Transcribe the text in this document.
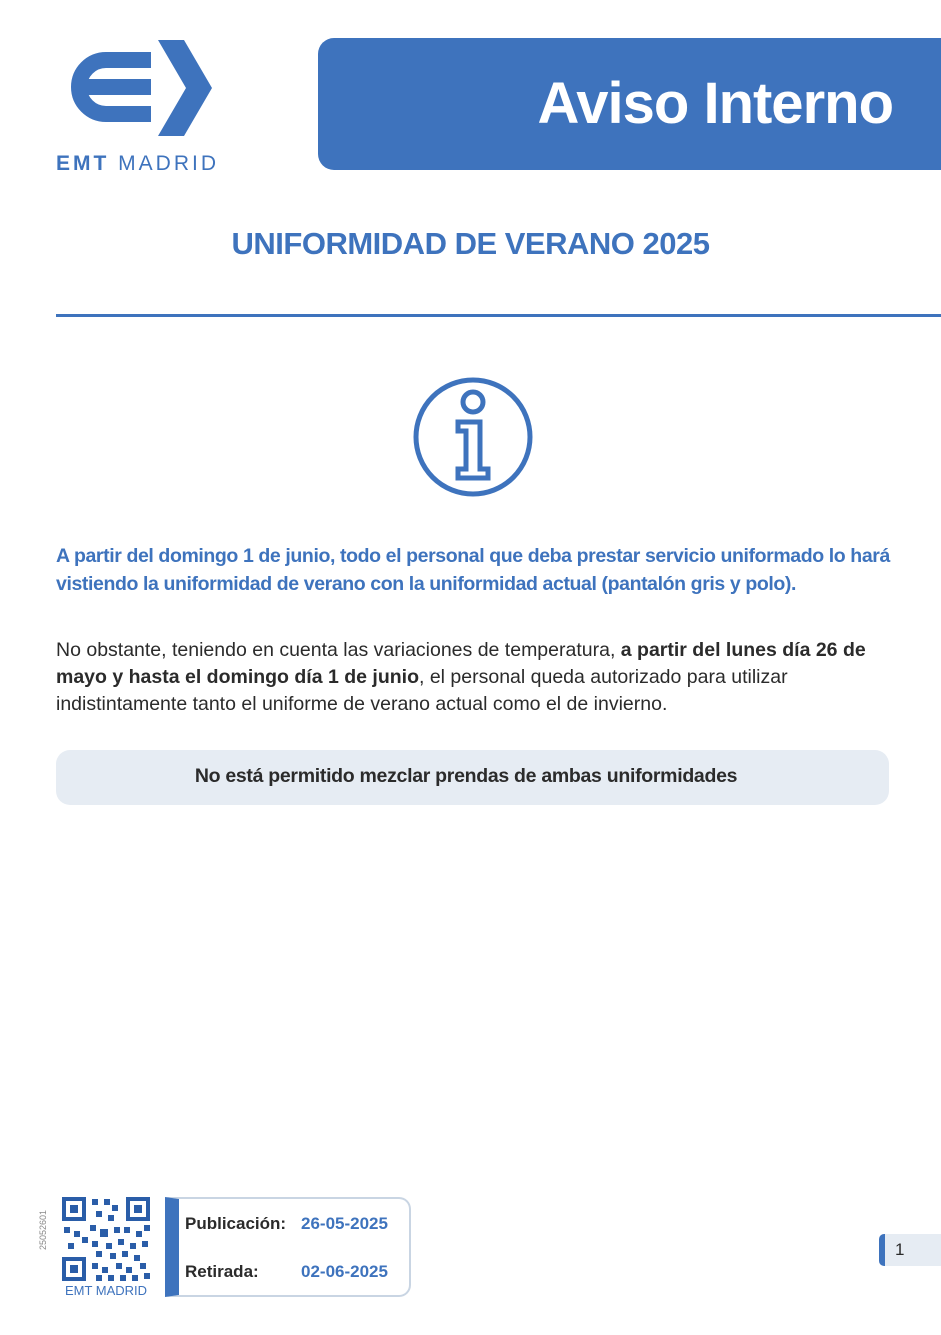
EMT MADRID
Aviso Interno
UNIFORMIDAD DE VERANO 2025
A partir del domingo 1 de junio, todo el personal que deba prestar servicio uniformado lo hará vistiendo la uniformidad de verano con la uniformidad actual (pantalón gris y polo).
No obstante, teniendo en cuenta las variaciones de temperatura, a partir del lunes día 26 de mayo y hasta el domingo día 1 de junio, el personal queda autorizado para utilizar indistintamente tanto el uniforme de verano actual como el de invierno.
No está permitido mezclar prendas de ambas uniformidades
25052601
EMT MADRID
Publicación: 26-05-2025
Retirada: 02-06-2025
1
